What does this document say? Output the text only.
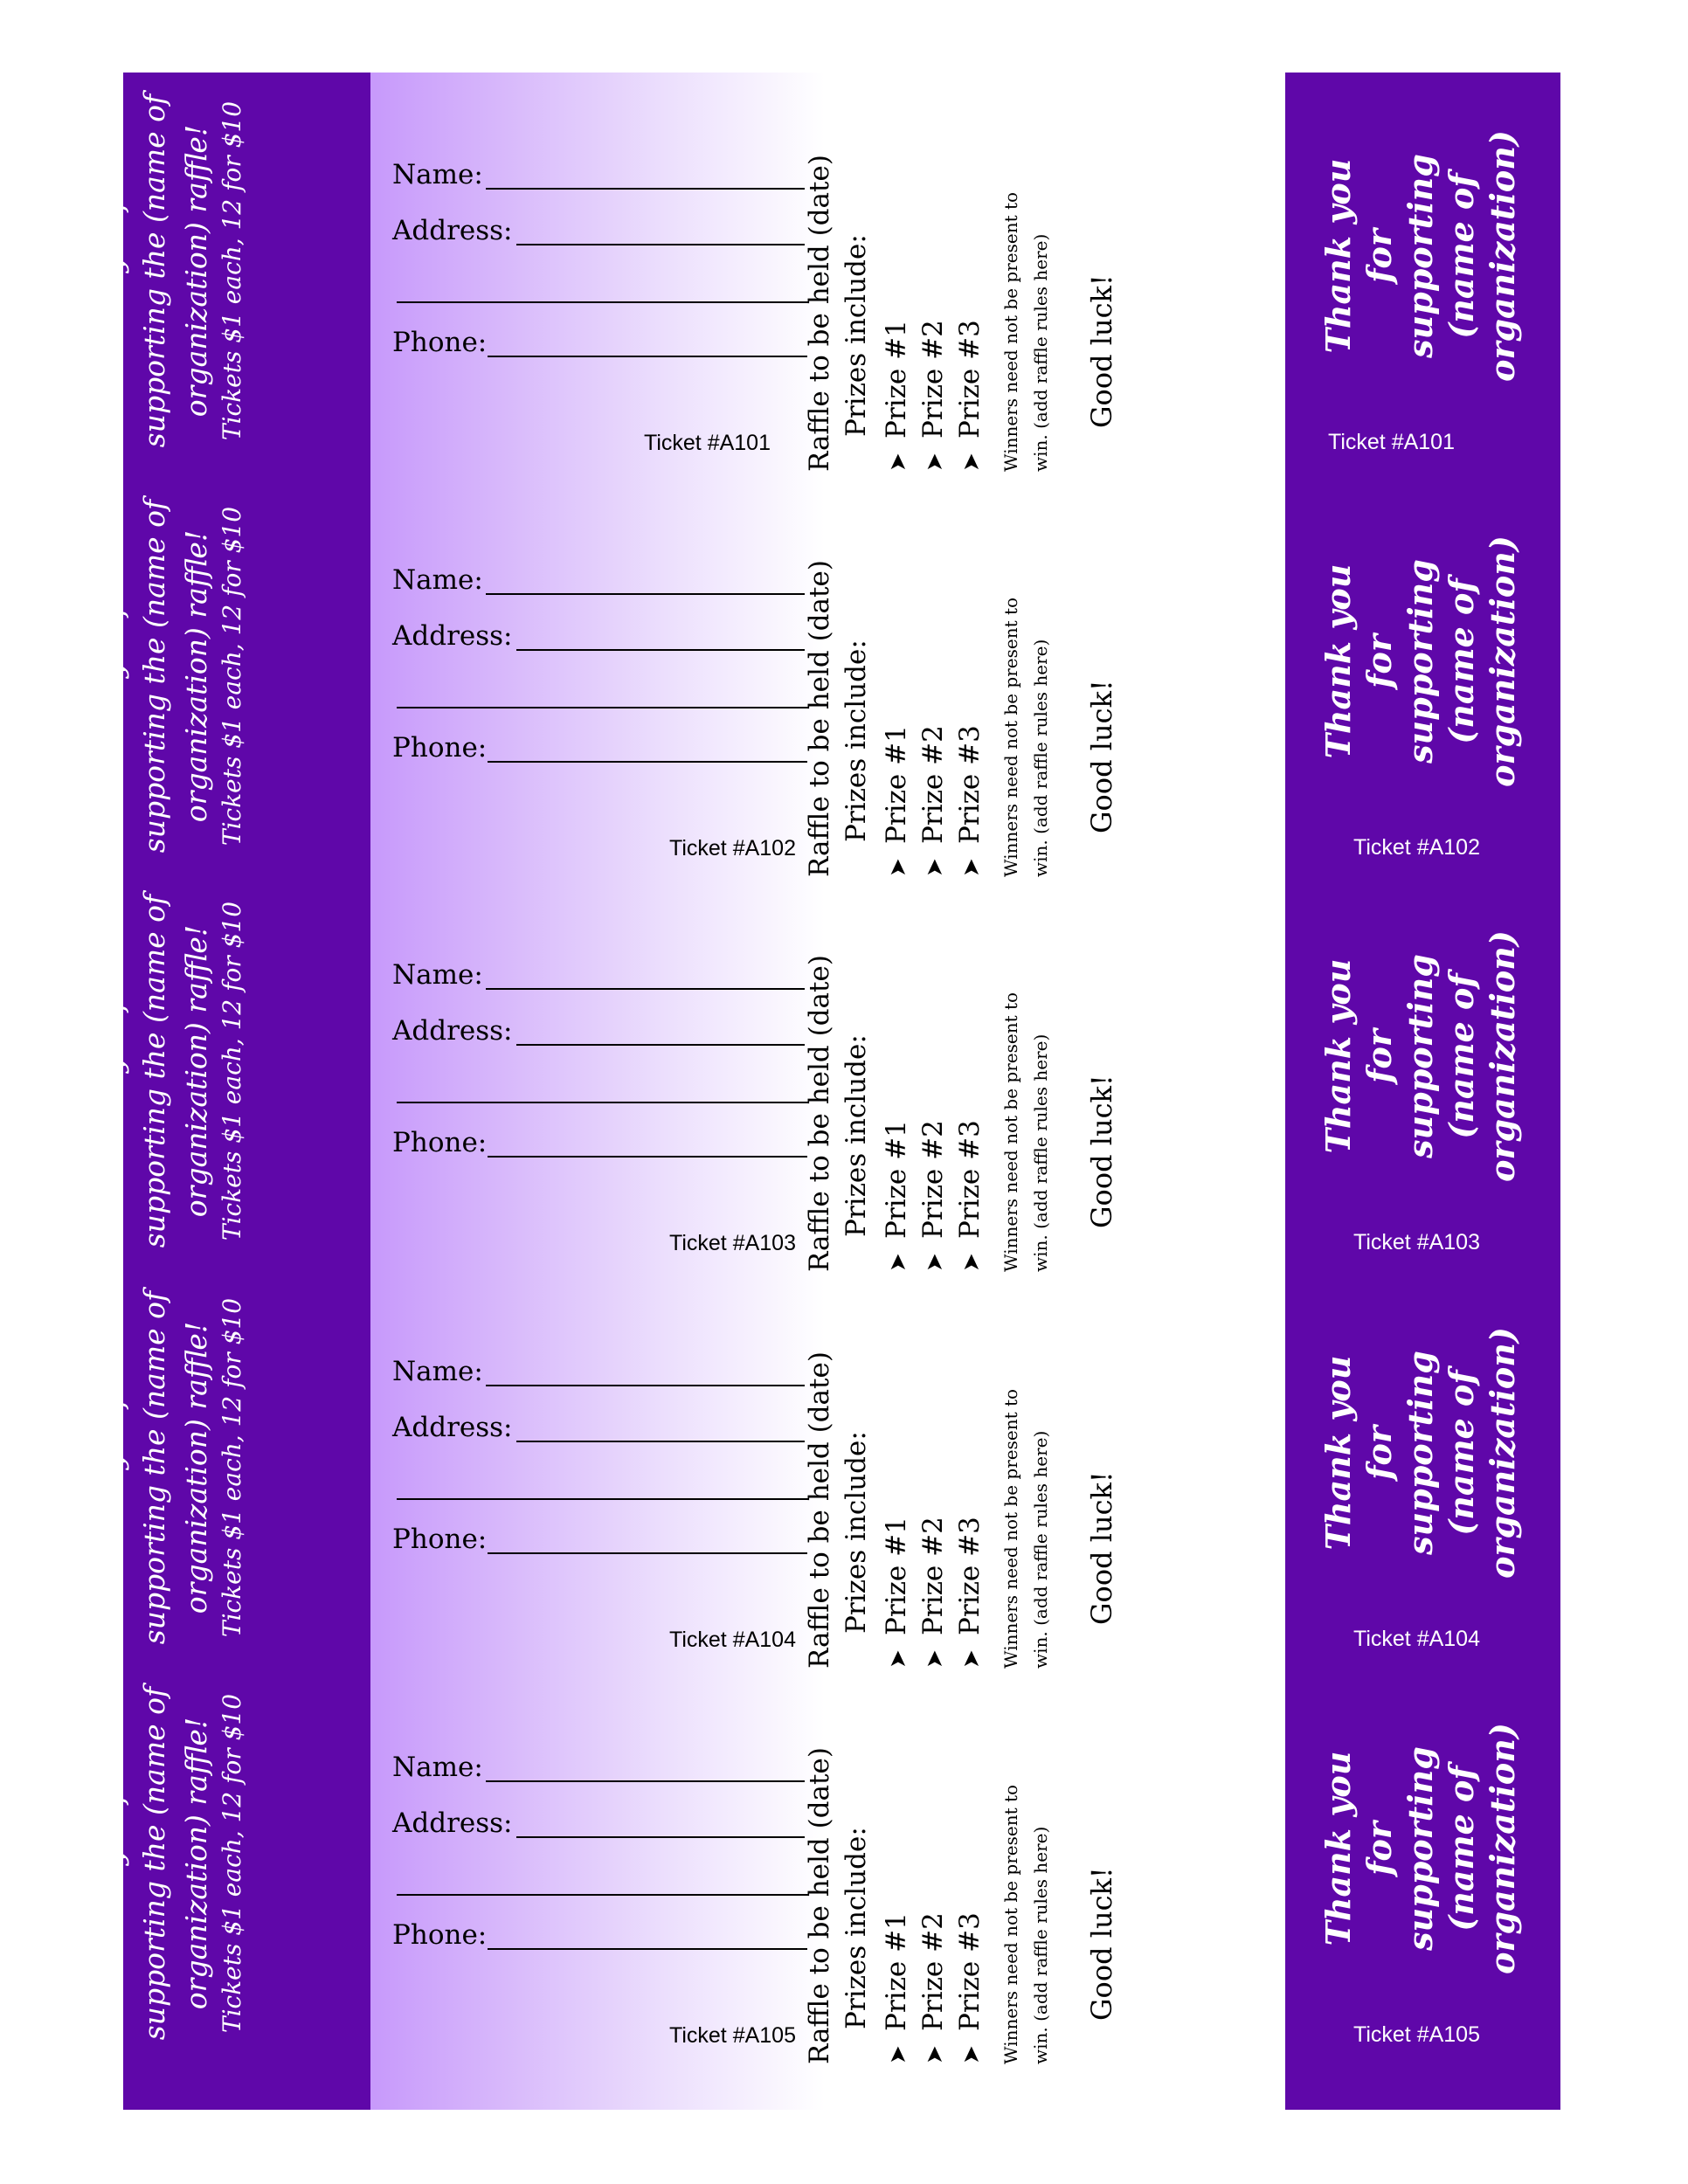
Thank you for supporting the (name of organization) raffle! Tickets $1 each, 12 for $10	Name:
Address:
Phone:
Ticket #A101 Raffle to be held (date) Prizes include:
➤Prize #1
➤Prize #2
➤Prize #3 Winners need not be present to win. (add raffle rules here) Good luck!	Thank you for supporting (name of organization)
Ticket #A101
Thank you for supporting the (name of organization) raffle! Tickets $1 each, 12 for $10	Name:
Address:
Phone:
Ticket #A102 Raffle to be held (date) Prizes include:
➤Prize #1
➤Prize #2
➤Prize #3 Winners need not be present to win. (add raffle rules here) Good luck!	Thank you for supporting (name of organization)
Ticket #A102
Thank you for supporting the (name of organization) raffle! Tickets $1 each, 12 for $10	Name:
Address:
Phone:
Ticket #A103 Raffle to be held (date) Prizes include:
➤Prize #1
➤Prize #2
➤Prize #3 Winners need not be present to win. (add raffle rules here) Good luck!	Thank you for supporting (name of organization)
Ticket #A103
Thank you for supporting the (name of organization) raffle! Tickets $1 each, 12 for $10	Name:
Address:
Phone:
Ticket #A104 Raffle to be held (date) Prizes include:
➤Prize #1
➤Prize #2
➤Prize #3 Winners need not be present to win. (add raffle rules here) Good luck!	Thank you for supporting (name of organization)
Ticket #A104
Thank you for supporting the (name of organization) raffle! Tickets $1 each, 12 for $10	Name:
Address:
Phone:
Ticket #A105 Raffle to be held (date) Prizes include:
➤Prize #1
➤Prize #2
➤Prize #3 Winners need not be present to win. (add raffle rules here) Good luck!	Thank you for supporting (name of organization)
Ticket #A105
